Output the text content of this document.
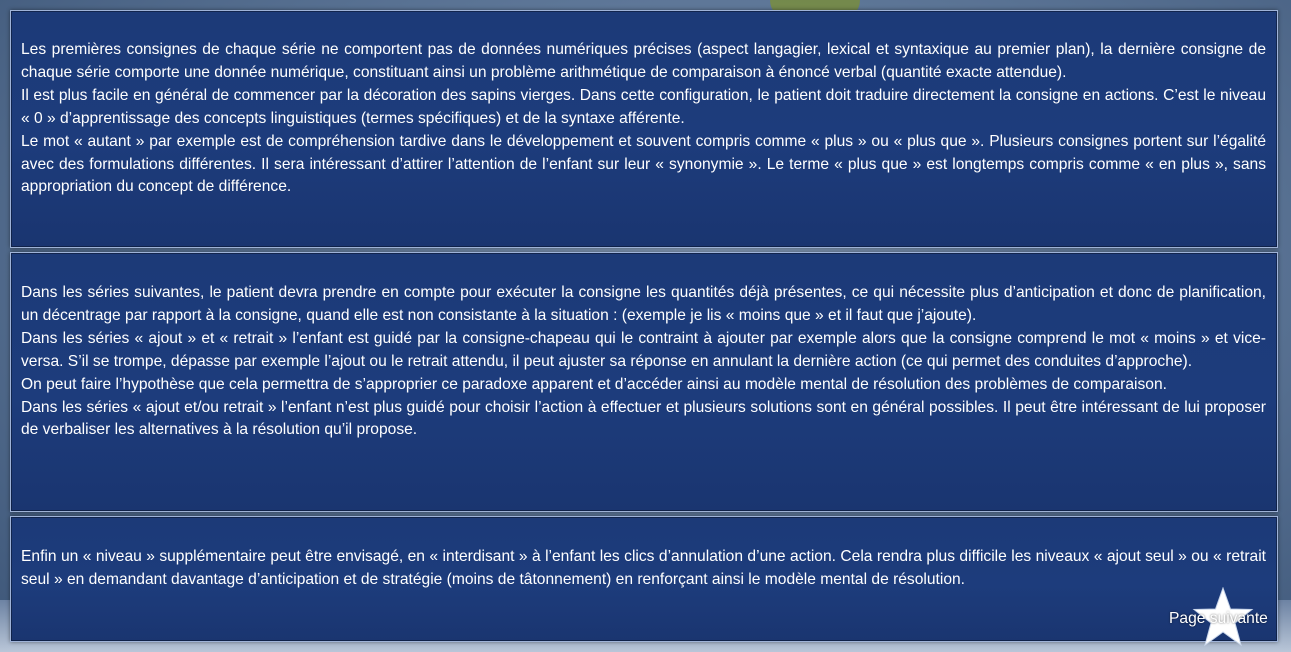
Les premières consignes de chaque série ne comportent pas de données numériques précises (aspect langagier, lexical et syntaxique au premier plan), la dernière consigne de chaque série comporte une donnée numérique, constituant ainsi un problème arithmétique de comparaison à énoncé verbal (quantité exacte attendue).

Il est plus facile en général de commencer par la décoration des sapins vierges. Dans cette configuration, le patient doit traduire directement la consigne en actions. C’est le niveau « 0 » d’apprentissage des concepts linguistiques (termes spécifiques) et de la syntaxe afférente.

Le mot « autant » par exemple est de compréhension tardive dans le développement et souvent compris comme « plus » ou « plus que ». Plusieurs consignes portent sur l’égalité avec des formulations différentes. Il sera intéressant d’attirer l’attention de l’enfant sur leur « synonymie ». Le terme « plus que » est longtemps compris comme « en plus », sans appropriation du concept de différence.

Dans les séries suivantes, le patient devra prendre en compte pour exécuter la consigne les quantités déjà présentes, ce qui nécessite plus d’anticipation et donc de planification, un décentrage par rapport à la consigne, quand elle est non consistante à la situation : (exemple je lis « moins que » et il faut que j’ajoute).

Dans les séries « ajout » et « retrait » l’enfant est guidé par la consigne-chapeau qui le contraint à ajouter par exemple alors que la consigne comprend le mot « moins » et vice-versa. S’il se trompe, dépasse par exemple l’ajout ou le retrait attendu, il peut ajuster sa réponse en annulant la dernière action (ce qui permet des conduites d’approche).

On peut faire l’hypothèse que cela permettra de s’approprier ce paradoxe apparent et d’accéder ainsi au modèle mental de résolution des problèmes de comparaison.

Dans les séries « ajout et/ou retrait » l’enfant n’est plus guidé pour choisir l’action à effectuer et plusieurs solutions sont en général possibles. Il peut être intéressant de lui proposer de verbaliser les alternatives à la résolution qu’il propose.

Enfin un « niveau » supplémentaire peut être envisagé, en « interdisant » à l’enfant les clics d’annulation d’une action. Cela rendra plus difficile les niveaux « ajout seul » ou « retrait seul » en demandant davantage d’anticipation et de stratégie (moins de tâtonnement) en renforçant ainsi le modèle mental de résolution.

Page suivante
